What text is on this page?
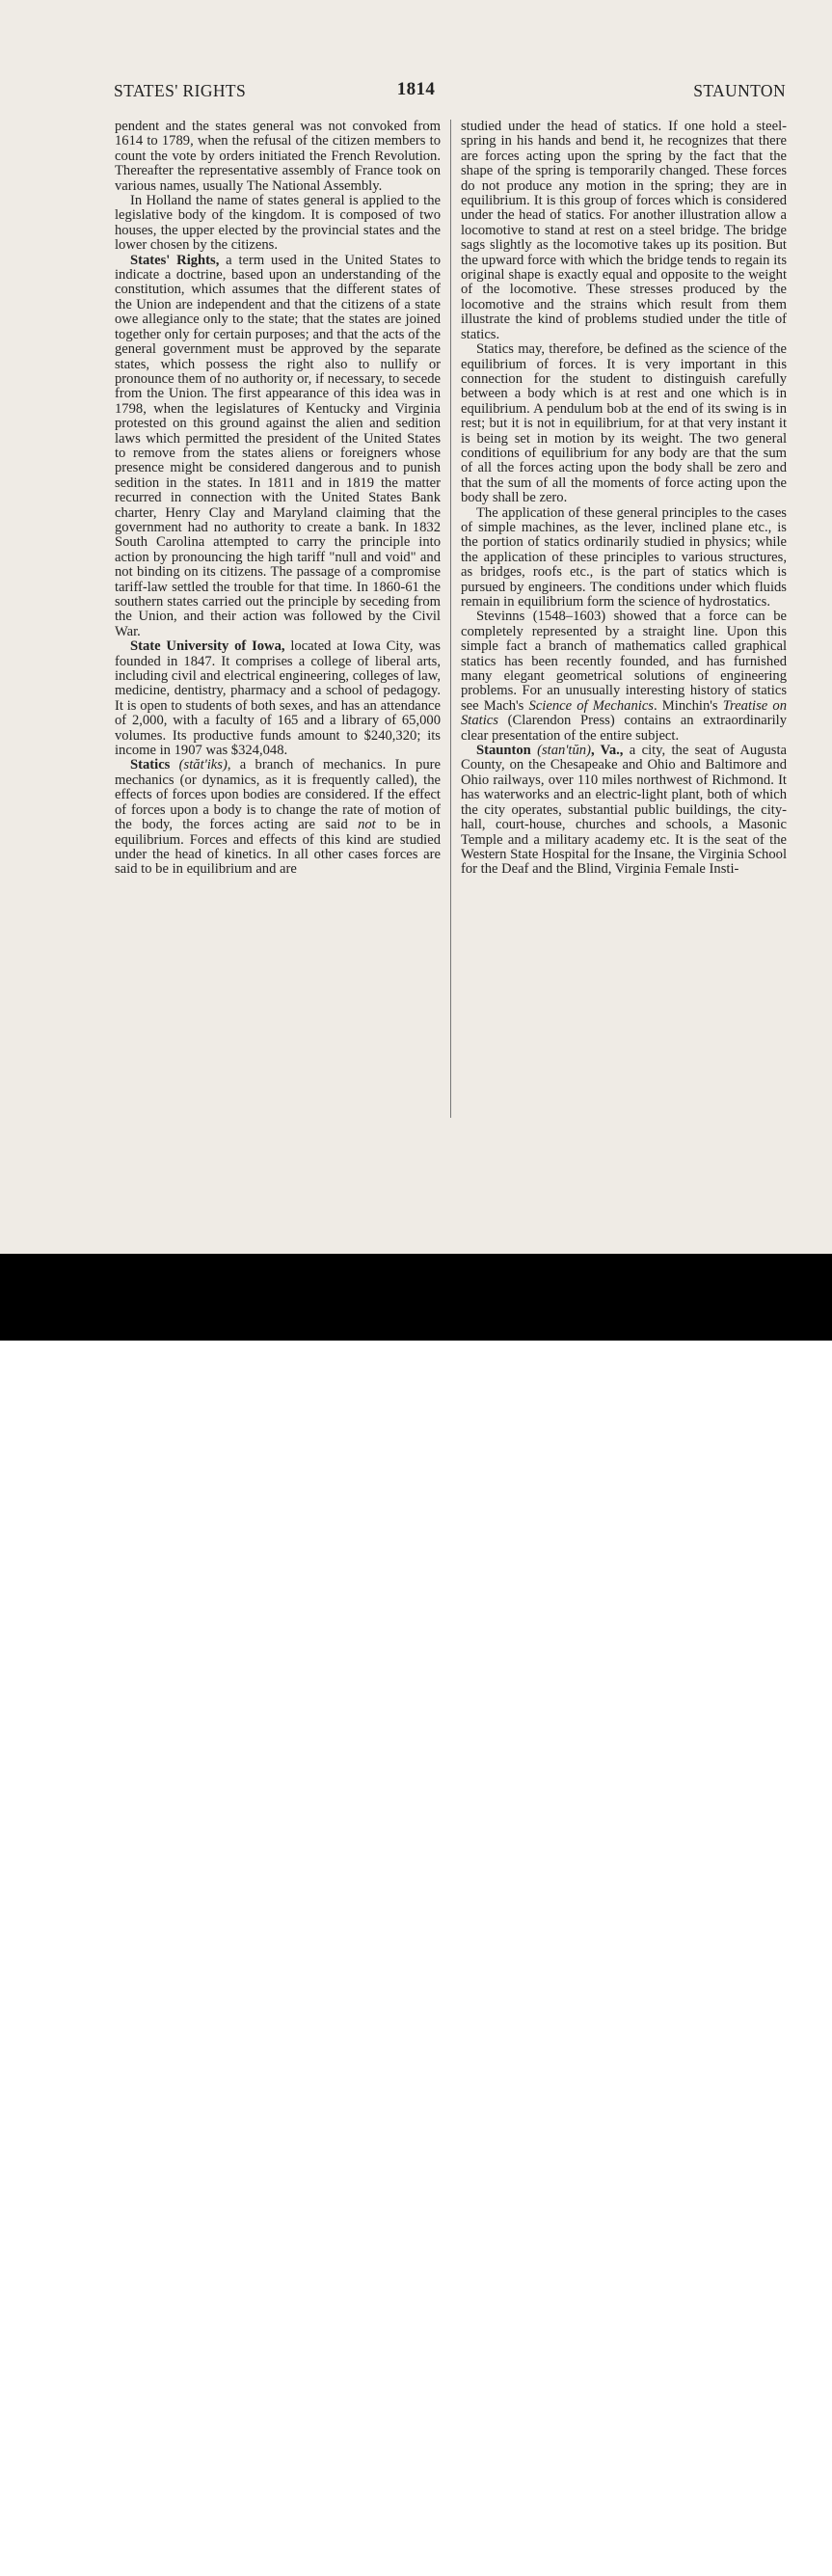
STATES' RIGHTS	1814	STAUNTON

pendent and the states general was not convoked from 1614 to 1789, when the refusal of the citizen members to count the vote by orders initiated the French Revolution. Thereafter the representative assembly of France took on various names, usually The National Assembly.

In Holland the name of states general is applied to the legislative body of the kingdom. It is composed of two houses, the upper elected by the provincial states and the lower chosen by the citizens.

States' Rights, a term used in the United States to indicate a doctrine, based upon an understanding of the constitution, which assumes that the different states of the Union are independent and that the citizens of a state owe allegiance only to the state; that the states are joined together only for certain purposes; and that the acts of the general government must be approved by the separate states, which possess the right also to nullify or pronounce them of no authority or, if necessary, to secede from the Union. The first appearance of this idea was in 1798, when the legislatures of Kentucky and Virginia protested on this ground against the alien and sedition laws which permitted the president of the United States to remove from the states aliens or foreigners whose presence might be considered dangerous and to punish sedition in the states. In 1811 and in 1819 the matter recurred in connection with the United States Bank charter, Henry Clay and Maryland claiming that the government had no authority to create a bank. In 1832 South Carolina attempted to carry the principle into action by pronouncing the high tariff "null and void" and not binding on its citizens. The passage of a compromise tariff-law settled the trouble for that time. In 1860-61 the southern states carried out the principle by seceding from the Union, and their action was followed by the Civil War.

State University of Iowa, located at Iowa City, was founded in 1847. It comprises a college of liberal arts, including civil and electrical engineering, colleges of law, medicine, dentistry, pharmacy and a school of pedagogy. It is open to students of both sexes, and has an attendance of 2,000, with a faculty of 165 and a library of 65,000 volumes. Its productive funds amount to $240,320; its income in 1907 was $324,048.

Statics (stăt'iks), a branch of mechanics. In pure mechanics (or dynamics, as it is frequently called), the effects of forces upon bodies are considered. If the effect of forces upon a body is to change the rate of motion of the body, the forces acting are said not to be in equilibrium. Forces and effects of this kind are studied under the head of kinetics. In all other cases forces are said to be in equilibrium and are

studied under the head of statics. If one hold a steel-spring in his hands and bend it, he recognizes that there are forces acting upon the spring by the fact that the shape of the spring is temporarily changed. These forces do not produce any motion in the spring; they are in equilibrium. It is this group of forces which is considered under the head of statics. For another illustration allow a locomotive to stand at rest on a steel bridge. The bridge sags slightly as the locomotive takes up its position. But the upward force with which the bridge tends to regain its original shape is exactly equal and opposite to the weight of the locomotive. These stresses produced by the locomotive and the strains which result from them illustrate the kind of problems studied under the title of statics.

Statics may, therefore, be defined as the science of the equilibrium of forces. It is very important in this connection for the student to distinguish carefully between a body which is at rest and one which is in equilibrium. A pendulum bob at the end of its swing is in rest; but it is not in equilibrium, for at that very instant it is being set in motion by its weight. The two general conditions of equilibrium for any body are that the sum of all the forces acting upon the body shall be zero and that the sum of all the moments of force acting upon the body shall be zero.

The application of these general principles to the cases of simple machines, as the lever, inclined plane etc., is the portion of statics ordinarily studied in physics; while the application of these principles to various structures, as bridges, roofs etc., is the part of statics which is pursued by engineers. The conditions under which fluids remain in equilibrium form the science of hydrostatics.

Stevinns (1548–1603) showed that a force can be completely represented by a straight line. Upon this simple fact a branch of mathematics called graphical statics has been recently founded, and has furnished many elegant geometrical solutions of engineering problems. For an unusually interesting history of statics see Mach's Science of Mechanics. Minchin's Treatise on Statics (Clarendon Press) contains an extraordinarily clear presentation of the entire subject.

Staunton (stan'tŭn), Va., a city, the seat of Augusta County, on the Chesapeake and Ohio and Baltimore and Ohio railways, over 110 miles northwest of Richmond. It has waterworks and an electric-light plant, both of which the city operates, substantial public buildings, the city-hall, court-house, churches and schools, a Masonic Temple and a military academy etc. It is the seat of the Western State Hospital for the Insane, the Virginia School for the Deaf and the Blind, Virginia Female Insti-

alamy	P91W1D
www.alamy.com
